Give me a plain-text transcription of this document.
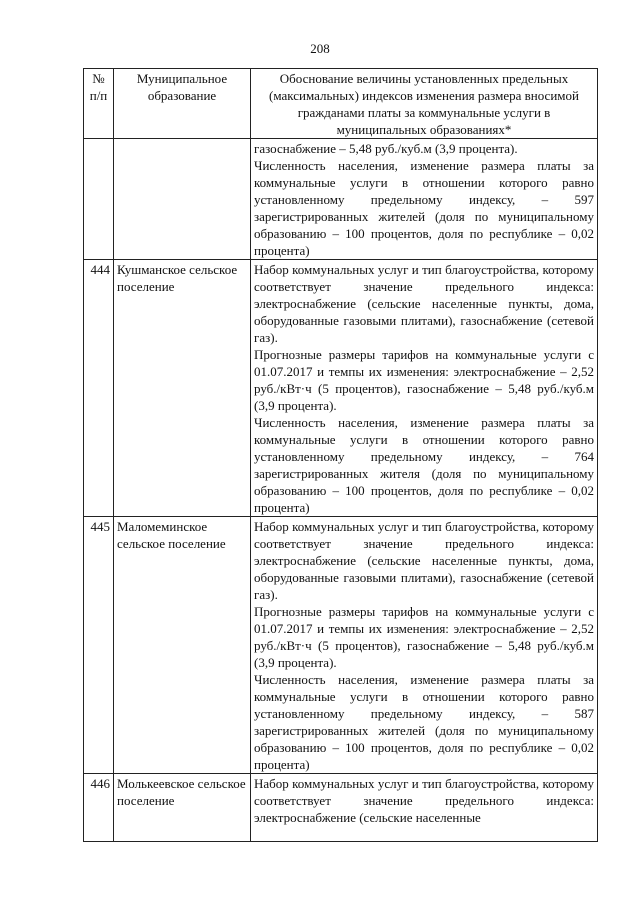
208
№ п/п	Муниципальное образование	Обоснование величины установленных предельных (максимальных) индексов изменения размера вносимой гражданами платы за коммунальные услуги в муниципальных образованиях*

		газоснабжение – 5,48 руб./куб.м (3,9 процента).
Численность населения, изменение размера платы за коммунальные услуги в отношении которого равно установленному предельному индексу, – 597 зарегистрированных жителей (доля по муниципальному образованию – 100 процентов, доля по республике – 0,02 процента)

444	Кушманское сельское поселение	Набор коммунальных услуг и тип благоустройства, которому соответствует значение предельного индекса: электроснабжение (сельские населенные пункты, дома, оборудованные газовыми плитами), газоснабжение (сетевой газ).
Прогнозные размеры тарифов на коммунальные услуги с 01.07.2017 и темпы их изменения: электроснабжение – 2,52 руб./кВт·ч (5 процентов), газоснабжение – 5,48 руб./куб.м (3,9 процента).
Численность населения, изменение размера платы за коммунальные услуги в отношении которого равно установленному предельному индексу, – 764 зарегистрированных жителя (доля по муниципальному образованию – 100 процентов, доля по республике – 0,02 процента)

445	Маломеминское сельское поселение	Набор коммунальных услуг и тип благоустройства, которому соответствует значение предельного индекса: электроснабжение (сельские населенные пункты, дома, оборудованные газовыми плитами), газоснабжение (сетевой газ).
Прогнозные размеры тарифов на коммунальные услуги с 01.07.2017 и темпы их изменения: электроснабжение – 2,52 руб./кВт·ч (5 процентов), газоснабжение – 5,48 руб./куб.м (3,9 процента).
Численность населения, изменение размера платы за коммунальные услуги в отношении которого равно установленному предельному индексу, – 587 зарегистрированных жителей (доля по муниципальному образованию – 100 процентов, доля по республике – 0,02 процента)

446	Молькеевское сельское поселение	Набор коммунальных услуг и тип благоустройства, которому соответствует значение предельного индекса: электроснабжение (сельские населенные
